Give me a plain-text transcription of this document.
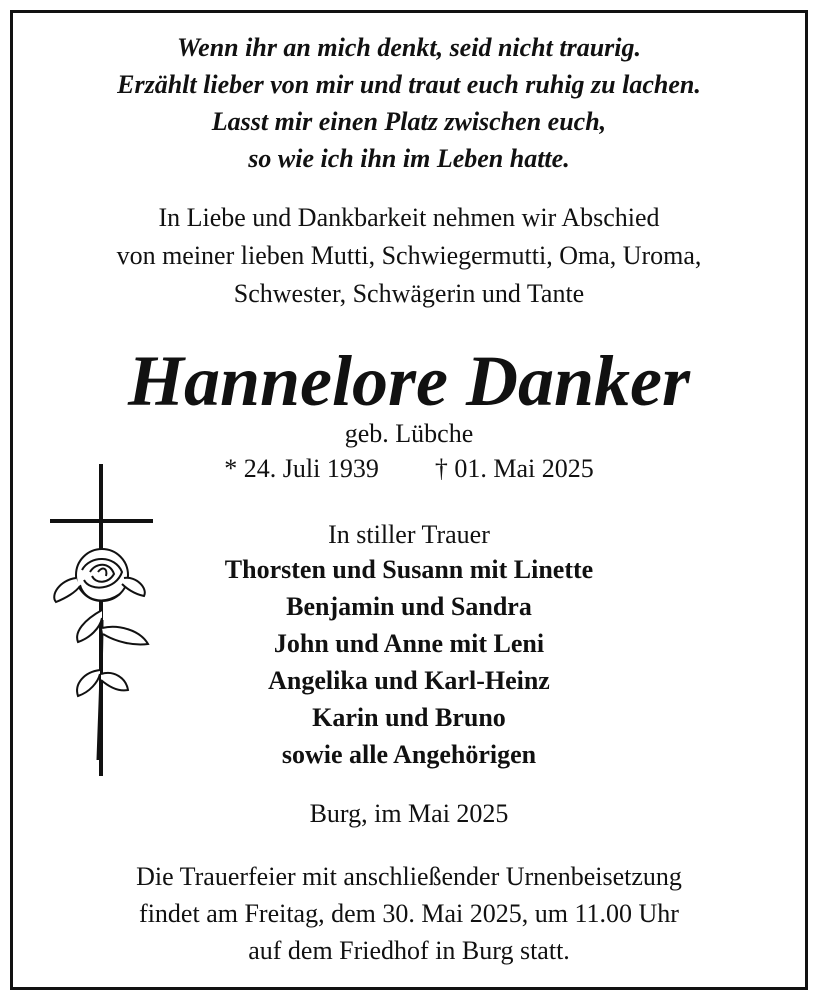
Wenn ihr an mich denkt, seid nicht traurig.
Erzählt lieber von mir und traut euch ruhig zu lachen.
Lasst mir einen Platz zwischen euch,
so wie ich ihn im Leben hatte.
In Liebe und Dankbarkeit nehmen wir Abschied
von meiner lieben Mutti, Schwiegermutti, Oma, Uroma,
Schwester, Schwägerin und Tante
Hannelore Danker
geb. Lübche
* 24. Juli 1939 † 01. Mai 2025
In stiller Trauer
Thorsten und Susann mit Linette
Benjamin und Sandra
John und Anne mit Leni
Angelika und Karl-Heinz
Karin und Bruno
sowie alle Angehörigen
Burg, im Mai 2025
Die Trauerfeier mit anschließender Urnenbeisetzung
findet am Freitag, dem 30. Mai 2025, um 11.00 Uhr
auf dem Friedhof in Burg statt.
